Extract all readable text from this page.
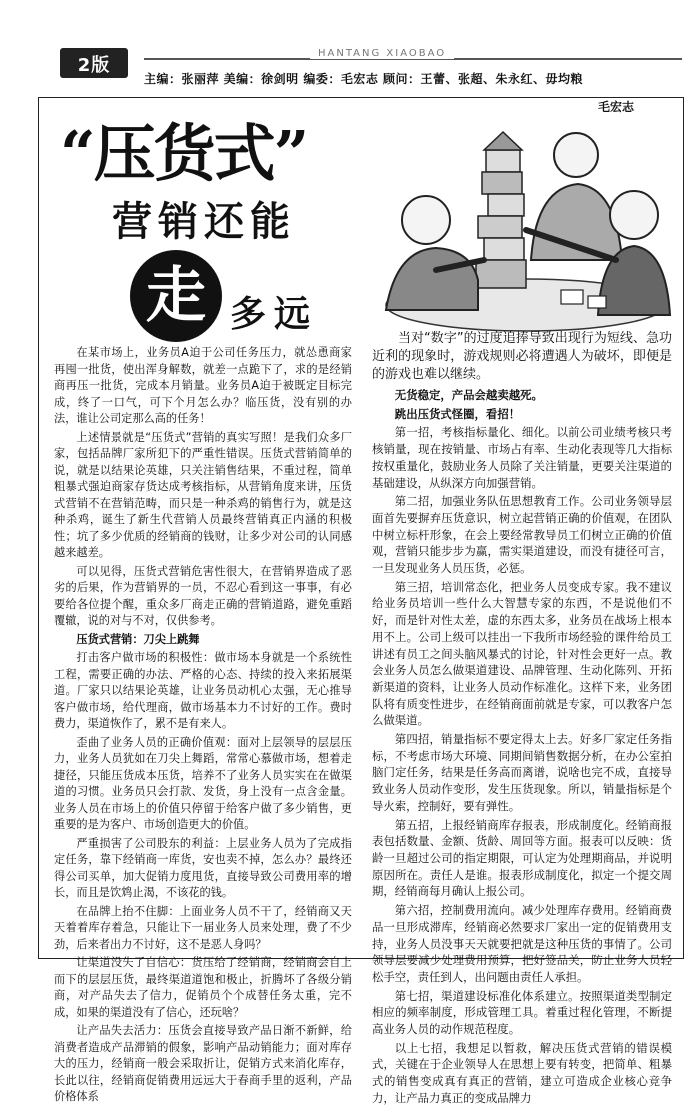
2版
HANTANG XIAOBAO
主编：张丽萍 美编：徐剑明 编委：毛宏志 顾问：王蕾、张超、朱永红、毋均粮
毛宏志
“压货式”
营销还能
走 多远

在某市场上，业务员A迫于公司任务压力，就怂恿商家再囤一批货，使出浑身解数，就差一点跪下了，求的是经销商再压一批货，完成本月销量。业务员A迫于被既定目标完成，终了一口气，可下个月怎么办？临压货，没有别的办法，谁让公司定那么高的任务！

上述情景就是“压货式”营销的真实写照！是我们众多厂家，包括品牌厂家所犯下的严重性错误。压货式营销简单的说，就是以结果论英雄，只关注销售结果，不重过程，简单粗暴式强迫商家存货达成考核指标，从营销角度来讲，压货式营销不在营销范畴，而只是一种杀鸡的销售行为，就是这种杀鸡，诞生了新生代营销人员最终营销真正内涵的积极性；坑了多少优质的经销商的钱财，让多少对公司的认同感越来越差。

可以见得，压货式营销危害性很大，在营销界造成了恶劣的后果，作为营销界的一员，不忍心看到这一事事，有必要给各位提个醒，重众多厂商走正确的营销道路，避免重蹈覆辙，说的对与不对，仅供参考。

压货式营销：刀尖上跳舞

打击客户做市场的积极性：做市场本身就是一个系统性工程，需要正确的办法、严格的心态、持续的投入来拓展渠道。厂家只以结果论英雄，让业务员动机心太强，无心推导客户做市场，给代理商，做市场基本力不讨好的工作。费时费力，渠道恢作了，累不是有来人。

歪曲了业务人员的正确价值观：面对上层领导的层层压力，业务人员犹如在刀尖上舞蹈，常常心慕做市场，想着走捷径，只能压货成本压货，培养不了业务人员实实在在做渠道的习惯。业务员只会打款、发货，身上没有一点含金量。业务人员在市场上的价值只停留于给客户做了多少销售，更重要的是为客户、市场创造更大的价值。

严重损害了公司股东的利益：上层业务人员为了完成指定任务，靠下经销商一库货，安也卖不掉，怎么办？最终还得公司买单，加大促销力度甩货，直接导致公司费用率的增长，而且是饮鸩止渴，不该花的钱。

在品牌上抬不住脚：上面业务人员不干了，经销商又天天着着库存着急，只能让下一届业务人员来处理，费了不少劲，后来者出力不讨好，这不是恶人身吗？

让渠道没失了自信心：货压给了经销商，经销商会自上而下的层层压货，最终渠道道饱和极止，折腾坏了各级分销商，对产品失去了信力，促销员个个成替任务太重，完不成，如果的渠道没有了信心，还玩啥？

让产品失去活力：压货会直接导致产品日渐不新鲜，给消费者造成产品滞销的假象，影响产品动销能力；面对库存大的压力，经销商一般会采取折让，促销方式来消化库存，长此以往，经销商促销费用远远大于春商手里的返利，产品价格体系

当对“数字”的过度追捧导致出现行为短线、急功近利的现象时，游戏规则必将遭遇人为破坏，即便是的游戏也难以继续。

无货稳定，产品会越卖越死。

跳出压货式怪圈，看招！

第一招，考核指标量化、细化。以前公司业绩考核只考核销量，现在按销量、市场占有率、生动化表现等几大指标按权重量化，鼓励业务人员除了关注销量，更要关注渠道的基础建设，从纵深方向加强营销。

第二招，加强业务队伍思想教育工作。公司业务领导层面首先要摒弃压货意识，树立起营销正确的价值观，在团队中树立标杆形象，在会上要经常教导员工们树立正确的价值观，营销只能步步为赢，需实渠道建设，而没有捷径可言，一旦发现业务人员压货，必惩。

第三招，培训常态化，把业务人员变成专家。我不建议给业务员培训一些什么大智慧专家的东西，不是说他们不好，而是针对性太差，虚的东西太多，业务员在战场上根本用不上。公司上级可以挂出一下我所市场经验的课件给员工讲述有员工之间头脑风暴式的讨论，针对性会更好一点。教会业务人员怎么做渠道建设、品牌管理、生动化陈列、开拓新渠道的资料，让业务人员动作标准化。这样下来，业务团队将有质变性进步，在经销商面前就是专家，可以教客户怎么做渠道。

第四招，销量指标不要定得太上去。好多厂家定任务指标，不考虑市场大环境、同期间销售数据分析，在办公室拍脑门定任务，结果是任务高而离谱，说啥也完不成，直接导致业务人员动作变形，发生压货现象。所以，销量指标是个导火索，控制好，要有弹性。

第五招，上报经销商库存报表，形成制度化。经销商报表包括数量、金额、货龄、周回等方面。报表可以反映：货龄一旦超过公司的指定期限，可认定为处理期商品，并说明原因所在。责任人是谁。报表形成制度化，拟定一个提交周期，经销商每月确认上报公司。

第六招，控制费用流向。减少处理库存费用。经销商费品一旦形成滞库，经销商必然要求厂家出一定的促销费用支持，业务人员没事天天就要把就是这种压货的事情了。公司领导层要减少处理费用预算，把好签品关，防止业务人员轻松手空，责任到人，出问题由责任人承担。

第七招，渠道建设标准化体系建立。按照渠道类型制定相应的频率制度，形成管理工具。着重过程化管理，不断提高业务人员的动作规范程度。

以上七招，我想足以暂救，解决压货式营销的错误模式，关键在于企业领导人在思想上要有转变，把简单、粗暴式的销售变成真有真正的营销，建立可造成企业核心竞争力，让产品力真正的变成品牌力
